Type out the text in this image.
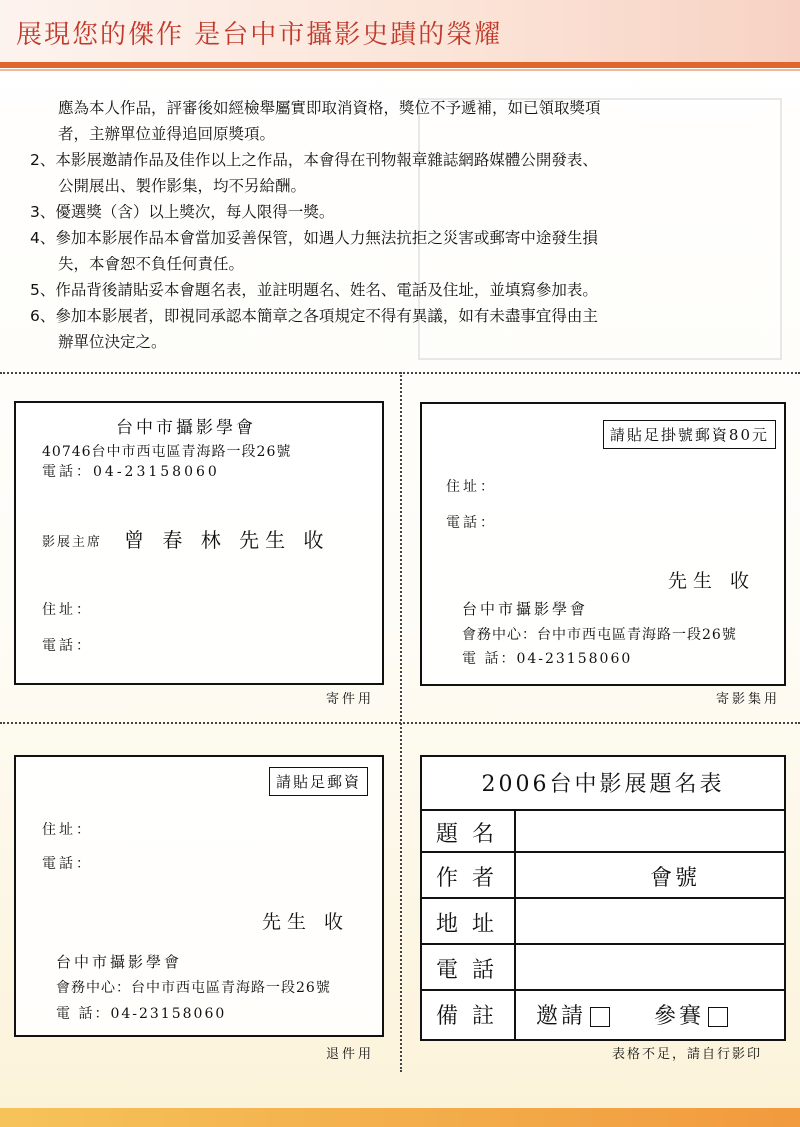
展現您的傑作 是台中市攝影史蹟的榮耀
應為本人作品，評審後如經檢舉屬實即取消資格，獎位不予遞補，如已領取獎項
者，主辦單位並得追回原獎項。
2、本影展邀請作品及佳作以上之作品，本會得在刊物報章雜誌網路媒體公開發表、
公開展出、製作影集，均不另給酬。
3、優選獎（含）以上獎次，每人限得一獎。
4、參加本影展作品本會當加妥善保管，如遇人力無法抗拒之災害或郵寄中途發生損
失，本會恕不負任何責任。
5、作品背後請貼妥本會題名表，並註明題名、姓名、電話及住址，並填寫參加表。
6、參加本影展者，即視同承認本簡章之各項規定不得有異議，如有未盡事宜得由主
辦單位決定之。
台中市攝影學會
40746台中市西屯區青海路一段26號
電話：04-23158060
影展主席 曾 春 林 先生 收
住址：
電話：
寄件用
請貼足掛號郵資80元
住址：
電話：
先生 收
台中市攝影學會
會務中心：台中市西屯區青海路一段26號
電 話：04-23158060
寄影集用
請貼足郵資
住址：
電話：
先生 收
台中市攝影學會
會務中心：台中市西屯區青海路一段26號
電 話：04-23158060
退件用
2006台中影展題名表
題名
作者	會號
地址
電話
備註 邀請	參賽
表格不足，請自行影印
